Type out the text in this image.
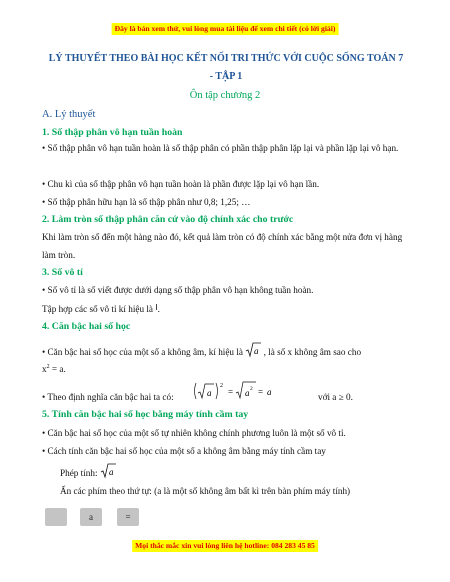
Đây là bản xem thử, vui lòng mua tài liệu để xem chi tiết (có lời giải)
LÝ THUYẾT THEO BÀI HỌC KẾT NỐI TRI THỨC VỚI CUỘC SỐNG TOÁN 7
- TẬP 1
Ôn tập chương 2
A. Lý thuyết
1. Số thập phân vô hạn tuần hoàn
• Số thập phân vô hạn tuần hoàn là số thập phân có phần thập phân lặp lại và phần lặp lại vô hạn.
• Chu kì của số thập phân vô hạn tuần hoàn là phần được lặp lại vô hạn lần.
• Số thập phân hữu hạn là số thập phân như 0,8; 1,25; …
2. Làm tròn số thập phân căn cứ vào độ chính xác cho trước
Khi làm tròn số đến một hàng nào đó, kết quả làm tròn có độ chính xác bằng một nửa đơn vị hàng làm tròn.
3. Số vô tỉ
• Số vô tỉ là số viết được dưới dạng số thập phân vô hạn không tuần hoàn.
Tập hợp các số vô tỉ kí hiệu là I.
4. Căn bậc hai số học
• Căn bậc hai số học của một số a không âm, kí hiệu là a , là số x không âm sao cho
$x^2 = a$.
• Theo định nghĩa căn bậc hai ta có:	a
2
= a 2 = a	với a ≥ 0.
5. Tính căn bậc hai số học bằng máy tính cầm tay
• Căn bậc hai số học của một số tự nhiên không chính phương luôn là một số vô tỉ.
• Cách tính căn bậc hai số học của một số a không âm bằng máy tính cầm tay
Phép tính: a
Ấn các phím theo thứ tự: (a là một số không âm bất kì trên bàn phím máy tính)
a	=
Mọi thắc mắc xin vui lòng liên hệ hotline: 084 283 45 85
